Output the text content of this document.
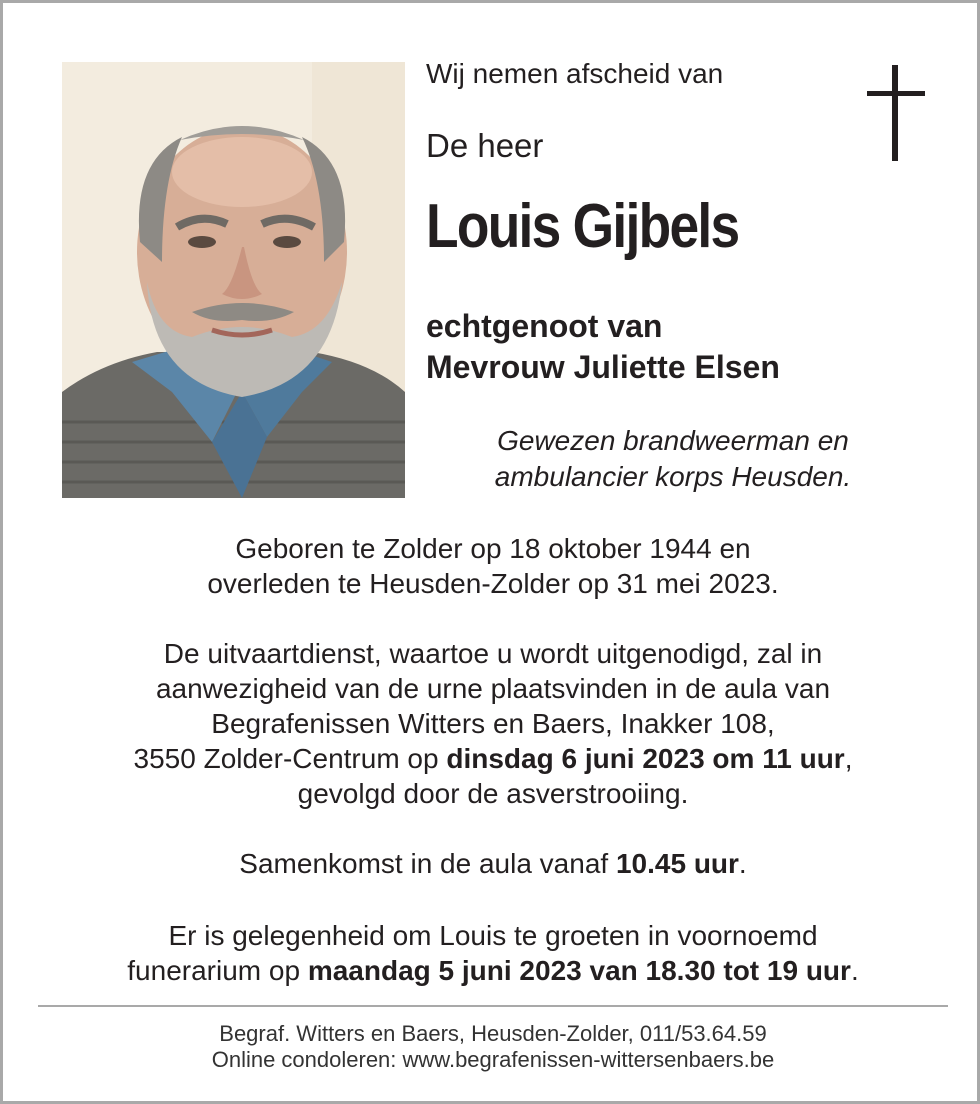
Wij nemen afscheid van
De heer
Louis Gijbels
echtgenoot van
Mevrouw Juliette Elsen
Gewezen brandweerman en
ambulancier korps Heusden.
Geboren te Zolder op 18 oktober 1944 en
overleden te Heusden-Zolder op 31 mei 2023.
De uitvaartdienst, waartoe u wordt uitgenodigd, zal in
aanwezigheid van de urne plaatsvinden in de aula van
Begrafenissen Witters en Baers, Inakker 108,
3550 Zolder-Centrum op dinsdag 6 juni 2023 om 11 uur,
gevolgd door de asverstrooiing.
Samenkomst in de aula vanaf 10.45 uur.
Er is gelegenheid om Louis te groeten in voornoemd
funerarium op maandag 5 juni 2023 van 18.30 tot 19 uur.
Begraf. Witters en Baers, Heusden-Zolder, 011/53.64.59
Online condoleren: www.begrafenissen-wittersenbaers.be
